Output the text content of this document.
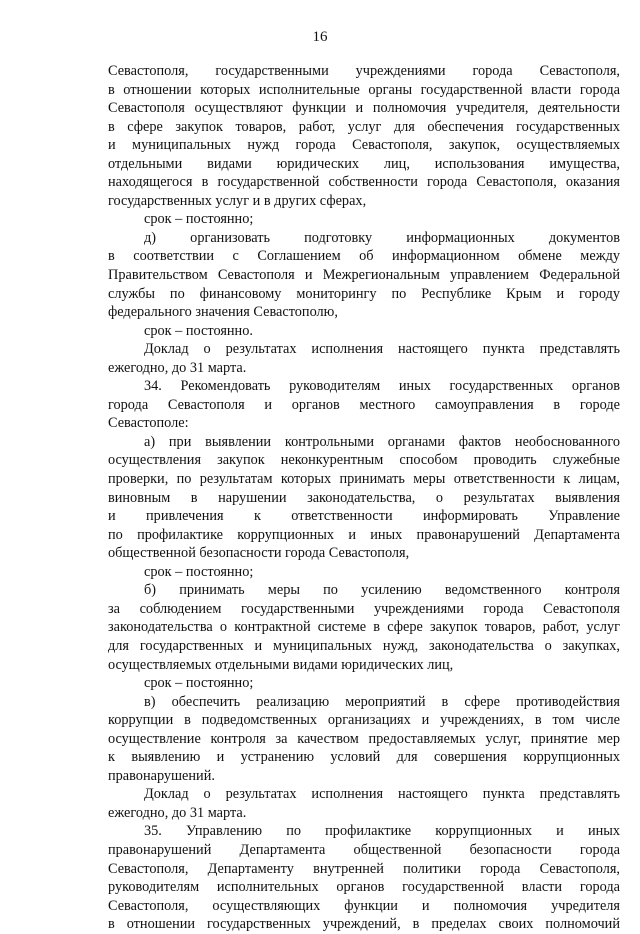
16
Севастополя, государственными учреждениями города Севастополя,
в отношении которых исполнительные органы государственной власти города
Севастополя осуществляют функции и полномочия учредителя, деятельности
в сфере закупок товаров, работ, услуг для обеспечения государственных
и муниципальных нужд города Севастополя, закупок, осуществляемых
отдельными видами юридических лиц, использования имущества,
находящегося в государственной собственности города Севастополя, оказания
государственных услуг и в других сферах,
срок – постоянно;
д) организовать подготовку информационных документов
в соответствии с Соглашением об информационном обмене между
Правительством Севастополя и Межрегиональным управлением Федеральной
службы по финансовому мониторингу по Республике Крым и городу
федерального значения Севастополю,
срок – постоянно.
Доклад о результатах исполнения настоящего пункта представлять
ежегодно, до 31 марта.
34. Рекомендовать руководителям иных государственных органов
города Севастополя и органов местного самоуправления в городе
Севастополе:
а) при выявлении контрольными органами фактов необоснованного
осуществления закупок неконкурентным способом проводить служебные
проверки, по результатам которых принимать меры ответственности к лицам,
виновным в нарушении законодательства, о результатах выявления
и привлечения к ответственности информировать Управление
по профилактике коррупционных и иных правонарушений Департамента
общественной безопасности города Севастополя,
срок – постоянно;
б) принимать меры по усилению ведомственного контроля
за соблюдением государственными учреждениями города Севастополя
законодательства о контрактной системе в сфере закупок товаров, работ, услуг
для государственных и муниципальных нужд, законодательства о закупках,
осуществляемых отдельными видами юридических лиц,
срок – постоянно;
в) обеспечить реализацию мероприятий в сфере противодействия
коррупции в подведомственных организациях и учреждениях, в том числе
осуществление контроля за качеством предоставляемых услуг, принятие мер
к выявлению и устранению условий для совершения коррупционных
правонарушений.
Доклад о результатах исполнения настоящего пункта представлять
ежегодно, до 31 марта.
35. Управлению по профилактике коррупционных и иных
правонарушений Департамента общественной безопасности города
Севастополя, Департаменту внутренней политики города Севастополя,
руководителям исполнительных органов государственной власти города
Севастополя, осуществляющих функции и полномочия учредителя
в отношении государственных учреждений, в пределах своих полномочий
